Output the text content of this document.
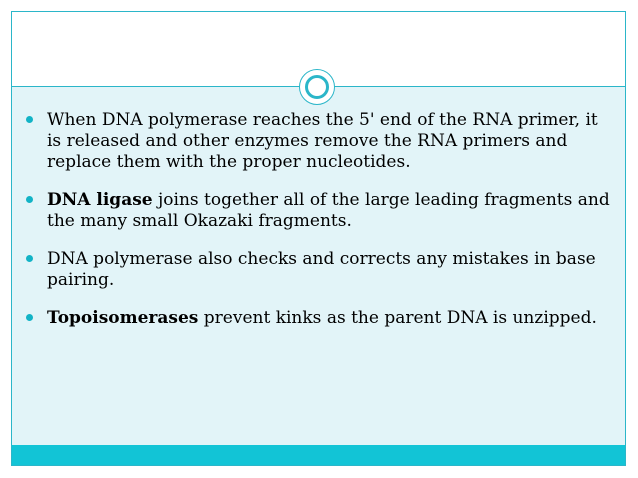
When DNA polymerase reaches the 5' end of the RNA primer, it is released and other enzymes remove the RNA primers and replace them with the proper nucleotides.
DNA ligase joins together all of the large leading fragments and the many small Okazaki fragments.
DNA polymerase also checks and corrects any mistakes in base pairing.
Topoisomerases prevent kinks as the parent DNA is unzipped.
